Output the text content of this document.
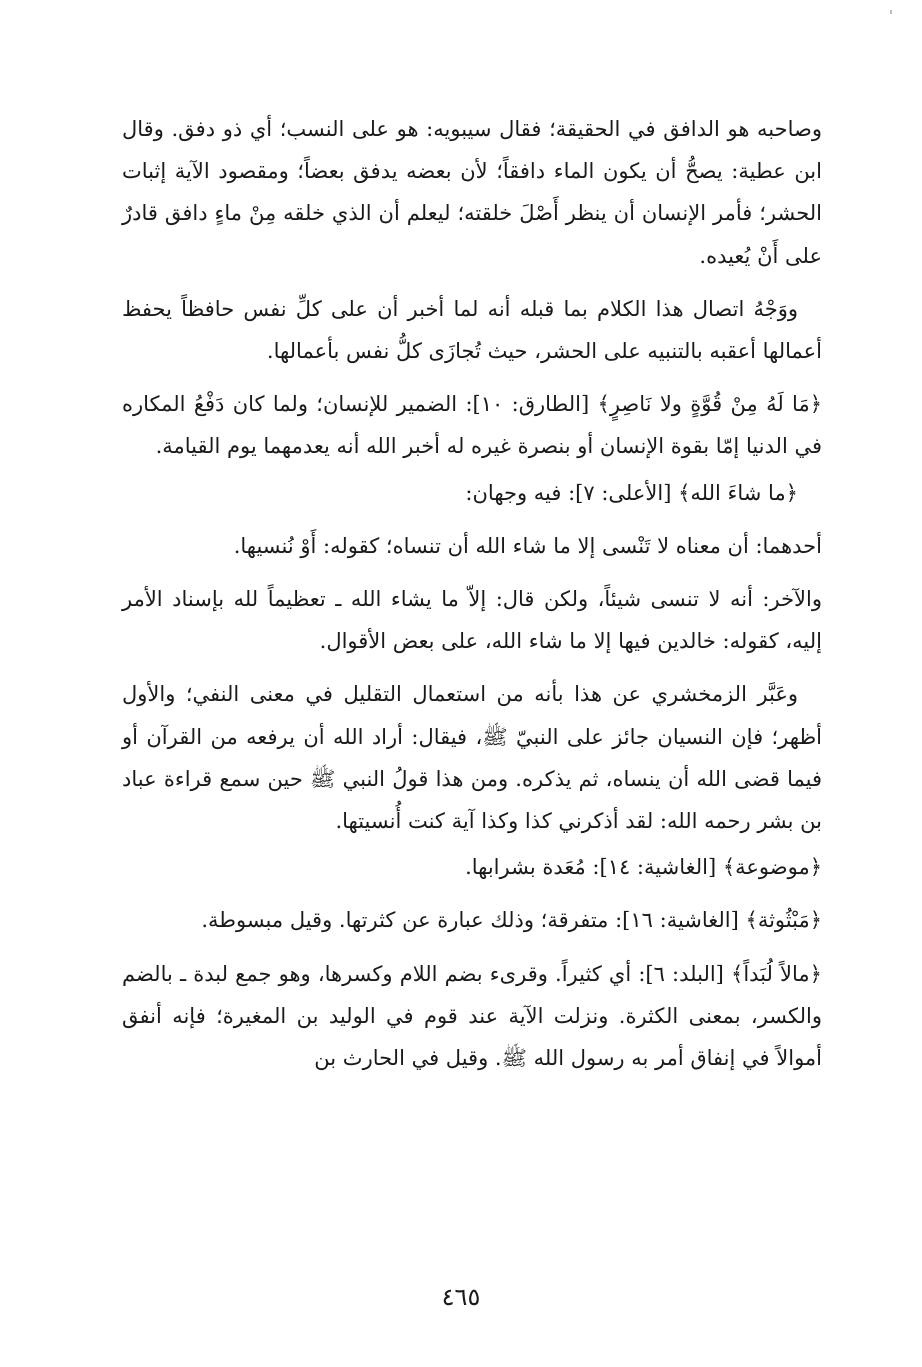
وصاحبه هو الدافق في الحقيقة؛ فقال سيبويه: هو على النسب؛ أي ذو دفق. وقال ابن عطية: يصحُّ أن يكون الماء دافقاً؛ لأن بعضه يدفق بعضاً؛ ومقصود الآية إثبات الحشر؛ فأمر الإنسان أن ينظر أَصْلَ خلقته؛ ليعلم أن الذي خلقه مِنْ ماءٍ دافق قادرٌ على أَنْ يُعيده.

ووَجْهُ اتصال هذا الكلام بما قبله أنه لما أخبر أن على كلِّ نفس حافظاً يحفظ أعمالها أعقبه بالتنبيه على الحشر، حيث تُجازَى كلُّ نفس بأعمالها.

﴿مَا لَهُ مِنْ قُوَّةٍ ولا نَاصِرٍ﴾ [الطارق: ١٠]: الضمير للإنسان؛ ولما كان دَفْعُ المكاره في الدنيا إمّا بقوة الإنسان أو بنصرة غيره له أخبر الله أنه يعدمهما يوم القيامة.

﴿ما شاءَ الله﴾ [الأعلى: ٧]: فيه وجهان:

أحدهما: أن معناه لا تَنْسى إلا ما شاء الله أن تنساه؛ كقوله: أَوْ نُنسيها.

والآخر: أنه لا تنسى شيئاً، ولكن قال: إلاّ ما يشاء الله ـ تعظيماً لله بإسناد الأمر إليه، كقوله: خالدين فيها إلا ما شاء الله، على بعض الأقوال.

وعَبَّر الزمخشري عن هذا بأنه من استعمال التقليل في معنى النفي؛ والأول أظهر؛ فإن النسيان جائز على النبيّ ﷺ، فيقال: أراد الله أن يرفعه من القرآن أو فيما قضى الله أن ينساه، ثم يذكره. ومن هذا قولُ النبي ﷺ حين سمع قراءة عباد بن بشر رحمه الله: لقد أذكرني كذا وكذا آية كنت أُنسيتها.

﴿موضوعة﴾ [الغاشية: ١٤]: مُعَدة بشرابها.

﴿مَبْثُوثة﴾ [الغاشية: ١٦]: متفرقة؛ وذلك عبارة عن كثرتها. وقيل مبسوطة.

﴿مالاً لُبَداً﴾ [البلد: ٦]: أي كثيراً. وقرىء بضم اللام وكسرها، وهو جمع لبدة ـ بالضم والكسر، بمعنى الكثرة. ونزلت الآية عند قوم في الوليد بن المغيرة؛ فإنه أنفق أموالاً في إنفاق أمر به رسول الله ﷺ. وقيل في الحارث بن

٤٦٥
